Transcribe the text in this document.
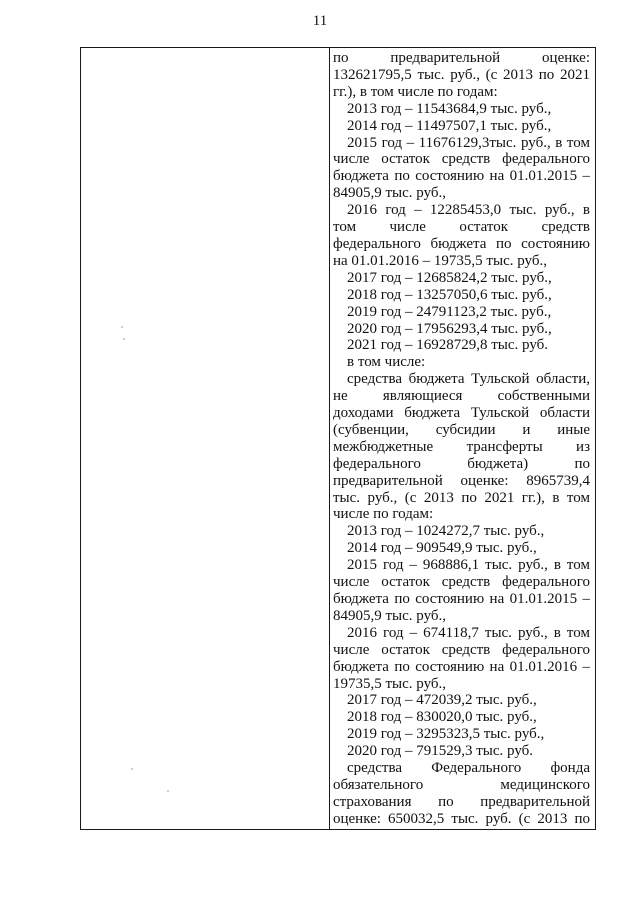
11
по предварительной оценке:
132621795,5 тыс. руб., (с 2013 по 2021
гг.), в том числе по годам:
2013 год – 11543684,9 тыс. руб.,
2014 год – 11497507,1 тыс. руб.,
2015 год – 11676129,3тыс. руб., в том
числе остаток средств федерального
бюджета по состоянию на 01.01.2015 –
84905,9 тыс. руб.,
2016 год – 12285453,0 тыс. руб., в
том числе остаток средств
федерального бюджета по состоянию
на 01.01.2016 – 19735,5 тыс. руб.,
2017 год – 12685824,2 тыс. руб.,
2018 год – 13257050,6 тыс. руб.,
2019 год – 24791123,2 тыс. руб.,
2020 год – 17956293,4 тыс. руб.,
2021 год – 16928729,8 тыс. руб.
в том числе:
средства бюджета Тульской области,
не являющиеся собственными
доходами бюджета Тульской области
(субвенции, субсидии и иные
межбюджетные трансферты из
федерального бюджета) по
предварительной оценке: 8965739,4
тыс. руб., (с 2013 по 2021 гг.), в том
числе по годам:
2013 год – 1024272,7 тыс. руб.,
2014 год – 909549,9 тыс. руб.,
2015 год – 968886,1 тыс. руб., в том
числе остаток средств федерального
бюджета по состоянию на 01.01.2015 –
84905,9 тыс. руб.,
2016 год – 674118,7 тыс. руб., в том
числе остаток средств федерального
бюджета по состоянию на 01.01.2016 –
19735,5 тыс. руб.,
2017 год – 472039,2 тыс. руб.,
2018 год – 830020,0 тыс. руб.,
2019 год – 3295323,5 тыс. руб.,
2020 год – 791529,3 тыс. руб.
средства Федерального фонда
обязательного медицинского
страхования по предварительной
оценке: 650032,5 тыс. руб. (с 2013 по
